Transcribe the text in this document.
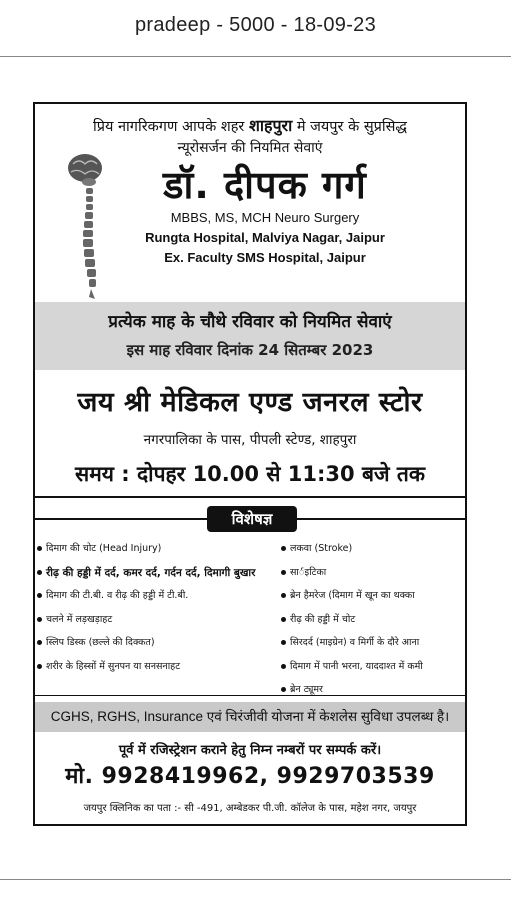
pradeep - 5000 - 18-09-23
प्रिय नागरिकगण आपके शहर शाहपुरा मे जयपुर के सुप्रसिद्ध
न्यूरोसर्जन की नियमित सेवाएं
डॉ. दीपक गर्ग
MBBS, MS, MCH Neuro Surgery
Rungta Hospital, Malviya Nagar, Jaipur
Ex. Faculty SMS Hospital, Jaipur
प्रत्येक माह के चौथे रविवार को नियमित सेवाएं
इस माह रविवार दिनांक 24 सितम्बर 2023
जय श्री मेडिकल एण्ड जनरल स्टोर
नगरपालिका के पास, पीपली स्टेण्ड, शाहपुरा
समय : दोपहर 10.00 से 11:30 बजे तक
दिमाग की चोट (Head Injury)
रीढ़ की हड्डी में दर्द, कमर दर्द, गर्दन दर्द, दिमागी बुखार
दिमाग की टी.बी. व रीढ़ की हड्डी में टी.बी.
चलने में लड़खड़ाहट
स्लिप डिस्क (छल्ले की दिक्कत)
शरीर के हिस्सों में सुनपन या सनसनाहट
लकवा (Stroke)
सार्इटिका
ब्रेन हैमरेज (दिमाग में खून का थक्का
रीढ़ की हड्डी में चोट
सिरदर्द (माइग्रेन) व मिर्गी के दौरे आना
दिमाग में पानी भरना, याददाश्त में कमी
ब्रेन ट्यूमर
विशेषज्ञ
CGHS, RGHS, Insurance एवं चिरंजीवी योजना में केशलेस सुविधा उपलब्ध है।
पूर्व में रजिस्ट्रेशन कराने हेतु निम्न नम्बरों पर सम्पर्क करें।
मो. 9928419962, 9929703539
जयपुर क्लिनिक का पता :- सी -491, अम्बेडकर पी.जी. कॉलेज के पास, महेश नगर, जयपुर
